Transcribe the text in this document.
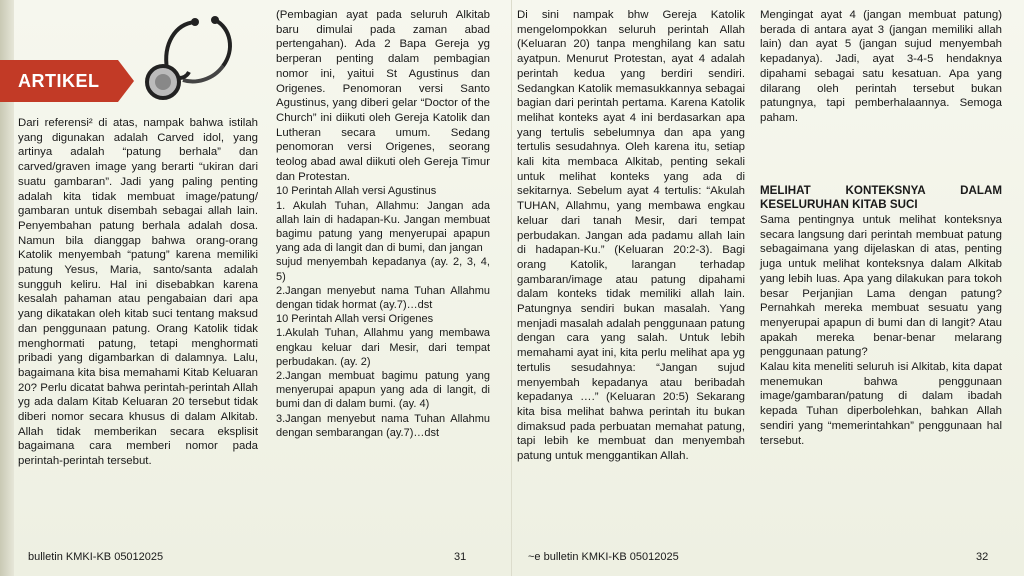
ARTIKEL

Dari referensi² di atas, nampak bahwa istilah yang digunakan adalah Carved idol, yang artinya adalah “patung berhala” dan carved/graven image yang berarti “ukiran dari suatu gambaran”. Jadi yang paling penting adalah kita tidak membuat image/patung/ gambaran untuk disembah sebagai allah lain. Penyembahan patung berhala adalah dosa. Namun bila dianggap bahwa orang-orang Katolik menyembah “patung” karena memiliki patung Yesus, Maria, santo/santa adalah sungguh keliru. Hal ini disebabkan karena kesalah pahaman atau pengabaian dari apa yang dikatakan oleh kitab suci tentang maksud dan penggunaan patung. Orang Katolik tidak menghormati patung, tetapi menghormati pribadi yang digambarkan di dalamnya. Lalu, bagaimana kita bisa memahami Kitab Keluaran 20? Perlu dicatat bahwa perintah-perintah Allah yg ada dalam Kitab Keluaran 20 tersebut tidak diberi nomor secara khusus di dalam Alkitab. Allah tidak memberikan secara eksplisit bagaimana cara memberi nomor pada perintah-perintah tersebut.

(Pembagian ayat pada seluruh Alkitab baru dimulai pada zaman abad pertengahan). Ada 2 Bapa Gereja yg berperan penting dalam pembagian nomor ini, yaitui St Agustinus dan Origenes. Penomoran versi Santo Agustinus, yang diberi gelar “Doctor of the Church” ini diikuti oleh Gereja Katolik dan Lutheran secara umum. Sedang penomoran versi Origenes, seorang teolog abad awal diikuti oleh Gereja Timur dan Protestan.

10 Perintah Allah versi Agustinus

1. Akulah Tuhan, Allahmu: Jangan ada allah lain di hadapan-Ku. Jangan membuat bagimu patung yang menyerupai apapun yang ada di langit dan di bumi, dan jangan

sujud menyembah kepadanya (ay. 2, 3, 4, 5)

2.Jangan menyebut nama Tuhan Allahmu dengan tidak hormat (ay.7)…dst

10 Perintah Allah versi Origenes

1.Akulah Tuhan, Allahmu yang membawa engkau keluar dari Mesir, dari tempat perbudakan. (ay. 2)

2.Jangan membuat bagimu patung yang menyerupai apapun yang ada di langit, di bumi dan di dalam bumi. (ay. 4)

3.Jangan menyebut nama Tuhan Allahmu dengan sembarangan (ay.7)…dst

bulletin KMKI-KB 05012025	31

Di sini nampak bhw Gereja Katolik mengelompokkan seluruh perintah Allah (Keluaran 20) tanpa menghilang kan satu ayatpun. Menurut Protestan, ayat 4 adalah perintah kedua yang berdiri sendiri. Sedangkan Katolik memasukkannya sebagai bagian dari perintah pertama. Karena Katolik melihat konteks ayat 4 ini berdasarkan apa yang tertulis sebelumnya dan apa yang tertulis sesudahnya. Oleh karena itu, setiap kali kita membaca Alkitab, penting sekali untuk melihat konteks yang ada di sekitarnya. Sebelum ayat 4 tertulis: “Akulah TUHAN, Allahmu, yang membawa engkau keluar dari tanah Mesir, dari tempat perbudakan. Jangan ada padamu allah lain di hadapan-Ku.” (Keluaran 20:2-3). Bagi orang Katolik, larangan terhadap gambaran/image atau patung dipahami dalam konteks tidak memiliki allah lain. Patungnya sendiri bukan masalah. Yang menjadi masalah adalah penggunaan patung dengan cara yang salah. Untuk lebih memahami ayat ini, kita perlu melihat apa yg tertulis sesudahnya: “Jangan sujud menyembah kepadanya atau beribadah kepadanya ….” (Keluaran 20:5) Sekarang kita bisa melihat bahwa perintah itu bukan dimaksud pada perbuatan memahat patung, tapi lebih ke membuat dan menyembah patung untuk menggantikan Allah.

Mengingat ayat 4 (jangan membuat patung) berada di antara ayat 3 (jangan memiliki allah lain) dan ayat 5 (jangan sujud menyembah kepadanya). Jadi, ayat 3-4-5 hendaknya dipahami sebagai satu kesatuan. Apa yang dilarang oleh perintah tersebut bukan patungnya, tapi pemberhalaannya. Semoga paham.

MELIHAT KONTEKSNYA DALAM KESELURUHAN KITAB SUCI

Sama pentingnya untuk melihat konteksnya secara langsung dari perintah membuat patung sebagaimana yang dijelaskan di atas, penting juga untuk melihat konteksnya dalam Alkitab yang lebih luas. Apa yang dilakukan para tokoh besar Perjanjian Lama dengan patung? Pernahkah mereka membuat sesuatu yang menyerupai apapun di bumi dan di langit? Atau apakah mereka benar-benar melarang penggunaan patung?

Kalau kita meneliti seluruh isi Alkitab, kita dapat menemukan bahwa penggunaan image/gambaran/patung di dalam ibadah kepada Tuhan diperbolehkan, bahkan Allah sendiri yang “memerintahkan” penggunaan hal tersebut.

~e bulletin KMKI-KB 05012025	32
